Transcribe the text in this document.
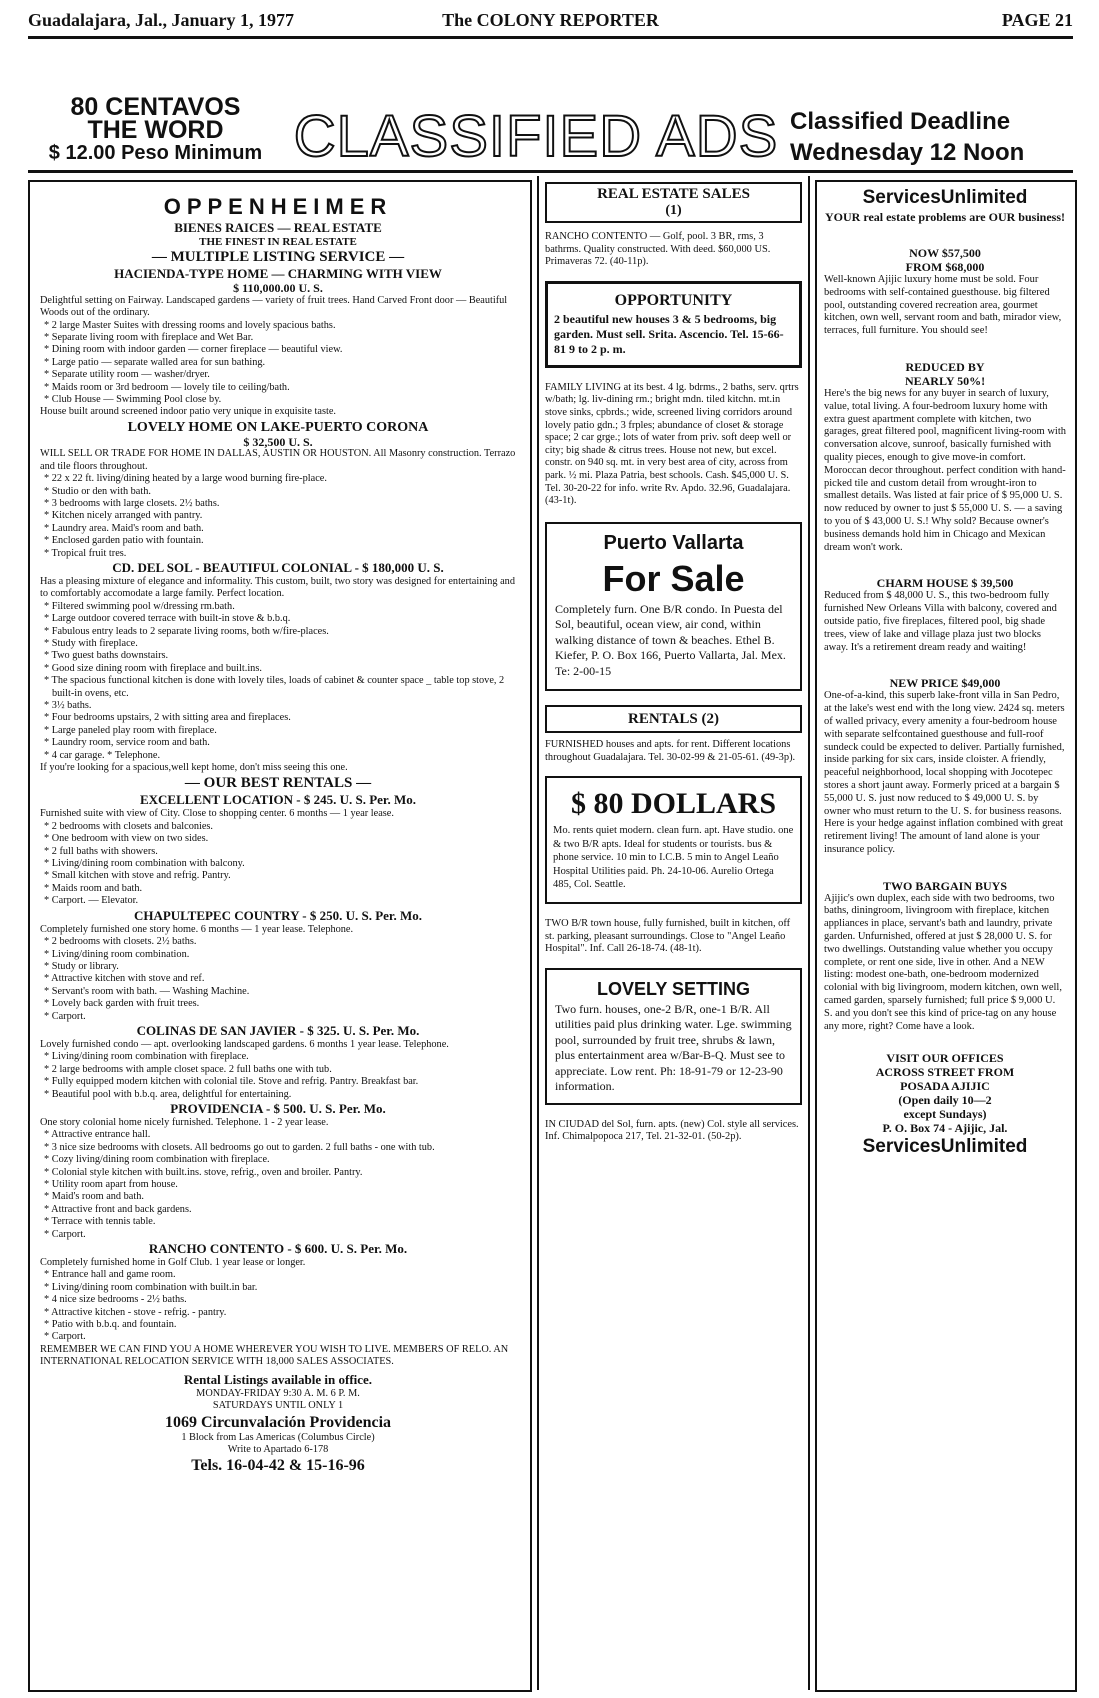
Guadalajara, Jal., January 1, 1977	The COLONY REPORTER	PAGE 21
80 CENTAVOS
THE WORD
$ 12.00 Peso Minimum CLASSIFIED ADS Classified Deadline
Wednesday 12 Noon
OPPENHEIMER

BIENES RAICES — REAL ESTATE

THE FINEST IN REAL ESTATE

— MULTIPLE LISTING SERVICE —

HACIENDA-TYPE HOME — CHARMING WITH VIEW

$ 110,000.00 U. S.

Delightful setting on Fairway. Landscaped gardens — variety of fruit trees. Hand Carved Front door — Beautiful Woods out of the ordinary.

* 2 large Master Suites with dressing rooms and lovely spacious baths.

* Separate living room with fireplace and Wet Bar.

* Dining room with indoor garden — corner fireplace — beautiful view.

* Large patio — separate walled area for sun bathing.

* Separate utility room — washer/dryer.

* Maids room or 3rd bedroom — lovely tile to ceiling/bath.

* Club House — Swimming Pool close by.

House built around screened indoor patio very unique in exquisite taste.

LOVELY HOME ON LAKE-PUERTO CORONA

$ 32,500 U. S.

WILL SELL OR TRADE FOR HOME IN DALLAS, AUSTIN OR HOUSTON. All Masonry construction. Terrazo and tile floors throughout.

* 22 x 22 ft. living/dining heated by a large wood burning fire-place.

* Studio or den with bath.

* 3 bedrooms with large closets. 2½ baths.

* Kitchen nicely arranged with pantry.

* Laundry area. Maid's room and bath.

* Enclosed garden patio with fountain.

* Tropical fruit tres.

CD. DEL SOL - BEAUTIFUL COLONIAL - $ 180,000 U. S.

Has a pleasing mixture of elegance and informality. This custom, built, two story was designed for entertaining and to comfortably accomodate a large family. Perfect location.

* Filtered swimming pool w/dressing rm.bath.

* Large outdoor covered terrace with built-in stove & b.b.q.

* Fabulous entry leads to 2 separate living rooms, both w/fire-places.

* Study with fireplace.

* Two guest baths downstairs.

* Good size dining room with fireplace and built.ins.

* The spacious functional kitchen is done with lovely tiles, loads of cabinet & counter space _ table top stove, 2 built-in ovens, etc.

* 3½ baths.

* Four bedrooms upstairs, 2 with sitting area and fireplaces.

* Large paneled play room with fireplace.

* Laundry room, service room and bath.

* 4 car garage. * Telephone.

If you're looking for a spacious,well kept home, don't miss seeing this one.

— OUR BEST RENTALS —

EXCELLENT LOCATION - $ 245. U. S. Per. Mo.

Furnished suite with view of City. Close to shopping center. 6 months — 1 year lease.

* 2 bedrooms with closets and balconies.

* One bedroom with view on two sides.

* 2 full baths with showers.

* Living/dining room combination with balcony.

* Small kitchen with stove and refrig. Pantry.

* Maids room and bath.

* Carport. — Elevator.

CHAPULTEPEC COUNTRY - $ 250. U. S. Per. Mo.

Completely furnished one story home. 6 months — 1 year lease. Telephone.

* 2 bedrooms with closets. 2½ baths.

* Living/dining room combination.

* Study or library.

* Attractive kitchen with stove and ref.

* Servant's room with bath. — Washing Machine.

* Lovely back garden with fruit trees.

* Carport.

COLINAS DE SAN JAVIER - $ 325. U. S. Per. Mo.

Lovely furnished condo — apt. overlooking landscaped gardens. 6 months 1 year lease. Telephone.

* Living/dining room combination with fireplace.

* 2 large bedrooms with ample closet space. 2 full baths one with tub.

* Fully equipped modern kitchen with colonial tile. Stove and refrig. Pantry. Breakfast bar.

* Beautiful pool with b.b.q. area, delightful for entertaining.

PROVIDENCIA - $ 500. U. S. Per. Mo.

One story colonial home nicely furnished. Telephone. 1 - 2 year lease.

* Attractive entrance hall.

* 3 nice size bedrooms with closets. All bedrooms go out to garden. 2 full baths - one with tub.

* Cozy living/dining room combination with fireplace.

* Colonial style kitchen with built.ins. stove, refrig., oven and broiler. Pantry.

* Utility room apart from house.

* Maid's room and bath.

* Attractive front and back gardens.

* Terrace with tennis table.

* Carport.

RANCHO CONTENTO - $ 600. U. S. Per. Mo.

Completely furnished home in Golf Club. 1 year lease or longer.

* Entrance hall and game room.

* Living/dining room combination with built.in bar.

* 4 nice size bedrooms - 2½ baths.

* Attractive kitchen - stove - refrig. - pantry.

* Patio with b.b.q. and fountain.

* Carport.

REMEMBER WE CAN FIND YOU A HOME WHEREVER YOU WISH TO LIVE. MEMBERS OF RELO. AN INTERNATIONAL RELOCATION SERVICE WITH 18,000 SALES ASSOCIATES.

Rental Listings available in office.

MONDAY-FRIDAY 9:30 A. M. 6 P. M.

SATURDAYS UNTIL ONLY 1

1069 Circunvalación Providencia

1 Block from Las Americas (Columbus Circle)

Write to Apartado 6-178

Tels. 16-04-42 & 15-16-96

REAL ESTATE SALES
(1)

RANCHO CONTENTO — Golf, pool. 3 BR, rms, 3 bathrms. Quality constructed. With deed. $60,000 US. Primaveras 72. (40-11p).

OPPORTUNITY

2 beautiful new houses 3 & 5 bedrooms, big garden. Must sell. Srita. Ascencio. Tel. 15-66-81 9 to 2 p. m.

FAMILY LIVING at its best. 4 lg. bdrms., 2 baths, serv. qrtrs w/bath; lg. liv-dining rm.; bright mdn. tiled kitchn. mt.in stove sinks, cpbrds.; wide, screened living corridors around lovely patio gdn.; 3 frples; abundance of closet & storage space; 2 car grge.; lots of water from priv. soft deep well or city; big shade & citrus trees. House not new, but excel. constr. on 940 sq. mt. in very best area of city, across from park. ½ mi. Plaza Patria, best schools. Cash. $45,000 U. S. Tel. 30-20-22 for info. write Rv. Apdo. 32.96, Guadalajara. (43-1t).

Puerto Vallarta
For Sale

Completely furn. One B/R condo. In Puesta del Sol, beautiful, ocean view, air cond, within walking distance of town & beaches. Ethel B. Kiefer, P. O. Box 166, Puerto Vallarta, Jal. Mex. Te: 2-00-15

RENTALS (2)

FURNISHED houses and apts. for rent. Different locations throughout Guadalajara. Tel. 30-02-99 & 21-05-61. (49-3p).

$ 80 DOLLARS

Mo. rents quiet modern. clean furn. apt. Have studio. one & two B/R apts. Ideal for students or tourists. bus & phone service. 10 min to I.C.B. 5 min to Angel Leaño Hospital Utilities paid. Ph. 24-10-06. Aurelio Ortega 485, Col. Seattle.

TWO B/R town house, fully furnished, built in kitchen, off st. parking, pleasant surroundings. Close to "Angel Leaño Hospital". Inf. Call 26-18-74. (48-1t).

LOVELY SETTING

Two furn. houses, one-2 B/R, one-1 B/R. All utilities paid plus drinking water. Lge. swimming pool, surrounded by fruit tree, shrubs & lawn, plus entertainment area w/Bar-B-Q. Must see to appreciate. Low rent. Ph: 18-91-79 or 12-23-90 information.

IN CIUDAD del Sol, furn. apts. (new) Col. style all services. Inf. Chimalpopoca 217, Tel. 21-32-01. (50-2p).

ServicesUnlimited

YOUR real estate problems are OUR business!

NOW $57,500

FROM $68,000

Well-known Ajijic luxury home must be sold. Four bedrooms with self-contained guesthouse. big filtered pool, outstanding covered recreation area, gourmet kitchen, own well, servant room and bath, mirador view, terraces, full furniture. You should see!

REDUCED BY

NEARLY 50%!

Here's the big news for any buyer in search of luxury, value, total living. A four-bedroom luxury home with extra guest apartment complete with kitchen, two garages, great filtered pool, magnificent living-room with conversation alcove, sunroof, basically furnished with quality pieces, enough to give move-in comfort. Moroccan decor throughout. perfect condition with hand-picked tile and custom detail from wrought-iron to smallest details. Was listed at fair price of $ 95,000 U. S. now reduced by owner to just $ 55,000 U. S. — a saving to you of $ 43,000 U. S.! Why sold? Because owner's business demands hold him in Chicago and Mexican dream won't work.

CHARM HOUSE $ 39,500

Reduced from $ 48,000 U. S., this two-bedroom fully furnished New Orleans Villa with balcony, covered and outside patio, five fireplaces, filtered pool, big shade trees, view of lake and village plaza just two blocks away. It's a retirement dream ready and waiting!

NEW PRICE $49,000

One-of-a-kind, this superb lake-front villa in San Pedro, at the lake's west end with the long view. 2424 sq. meters of walled privacy, every amenity a four-bedroom house with separate selfcontained guesthouse and full-roof sundeck could be expected to deliver. Partially furnished, inside parking for six cars, inside cloister. A friendly, peaceful neighborhood, local shopping with Jocotepec stores a short jaunt away. Formerly priced at a bargain $ 55,000 U. S. just now reduced to $ 49,000 U. S. by owner who must return to the U. S. for business reasons. Here is your hedge against inflation combined with great retirement living! The amount of land alone is your insurance policy.

TWO BARGAIN BUYS

Ajijic's own duplex, each side with two bedrooms, two baths, diningroom, livingroom with fireplace, kitchen appliances in place, servant's bath and laundry, private garden. Unfurnished, offered at just $ 28,000 U. S. for two dwellings. Outstanding value whether you occupy complete, or rent one side, live in other. And a NEW listing: modest one-bath, one-bedroom modernized colonial with big livingroom, modern kitchen, own well, camed garden, sparsely furnished; full price $ 9,000 U. S. and you don't see this kind of price-tag on any house any more, right? Come have a look.

VISIT OUR OFFICES

ACROSS STREET FROM

POSADA AJIJIC

(Open daily 10—2

except Sundays)

P. O. Box 74 - Ajijic, Jal.

ServicesUnlimited
